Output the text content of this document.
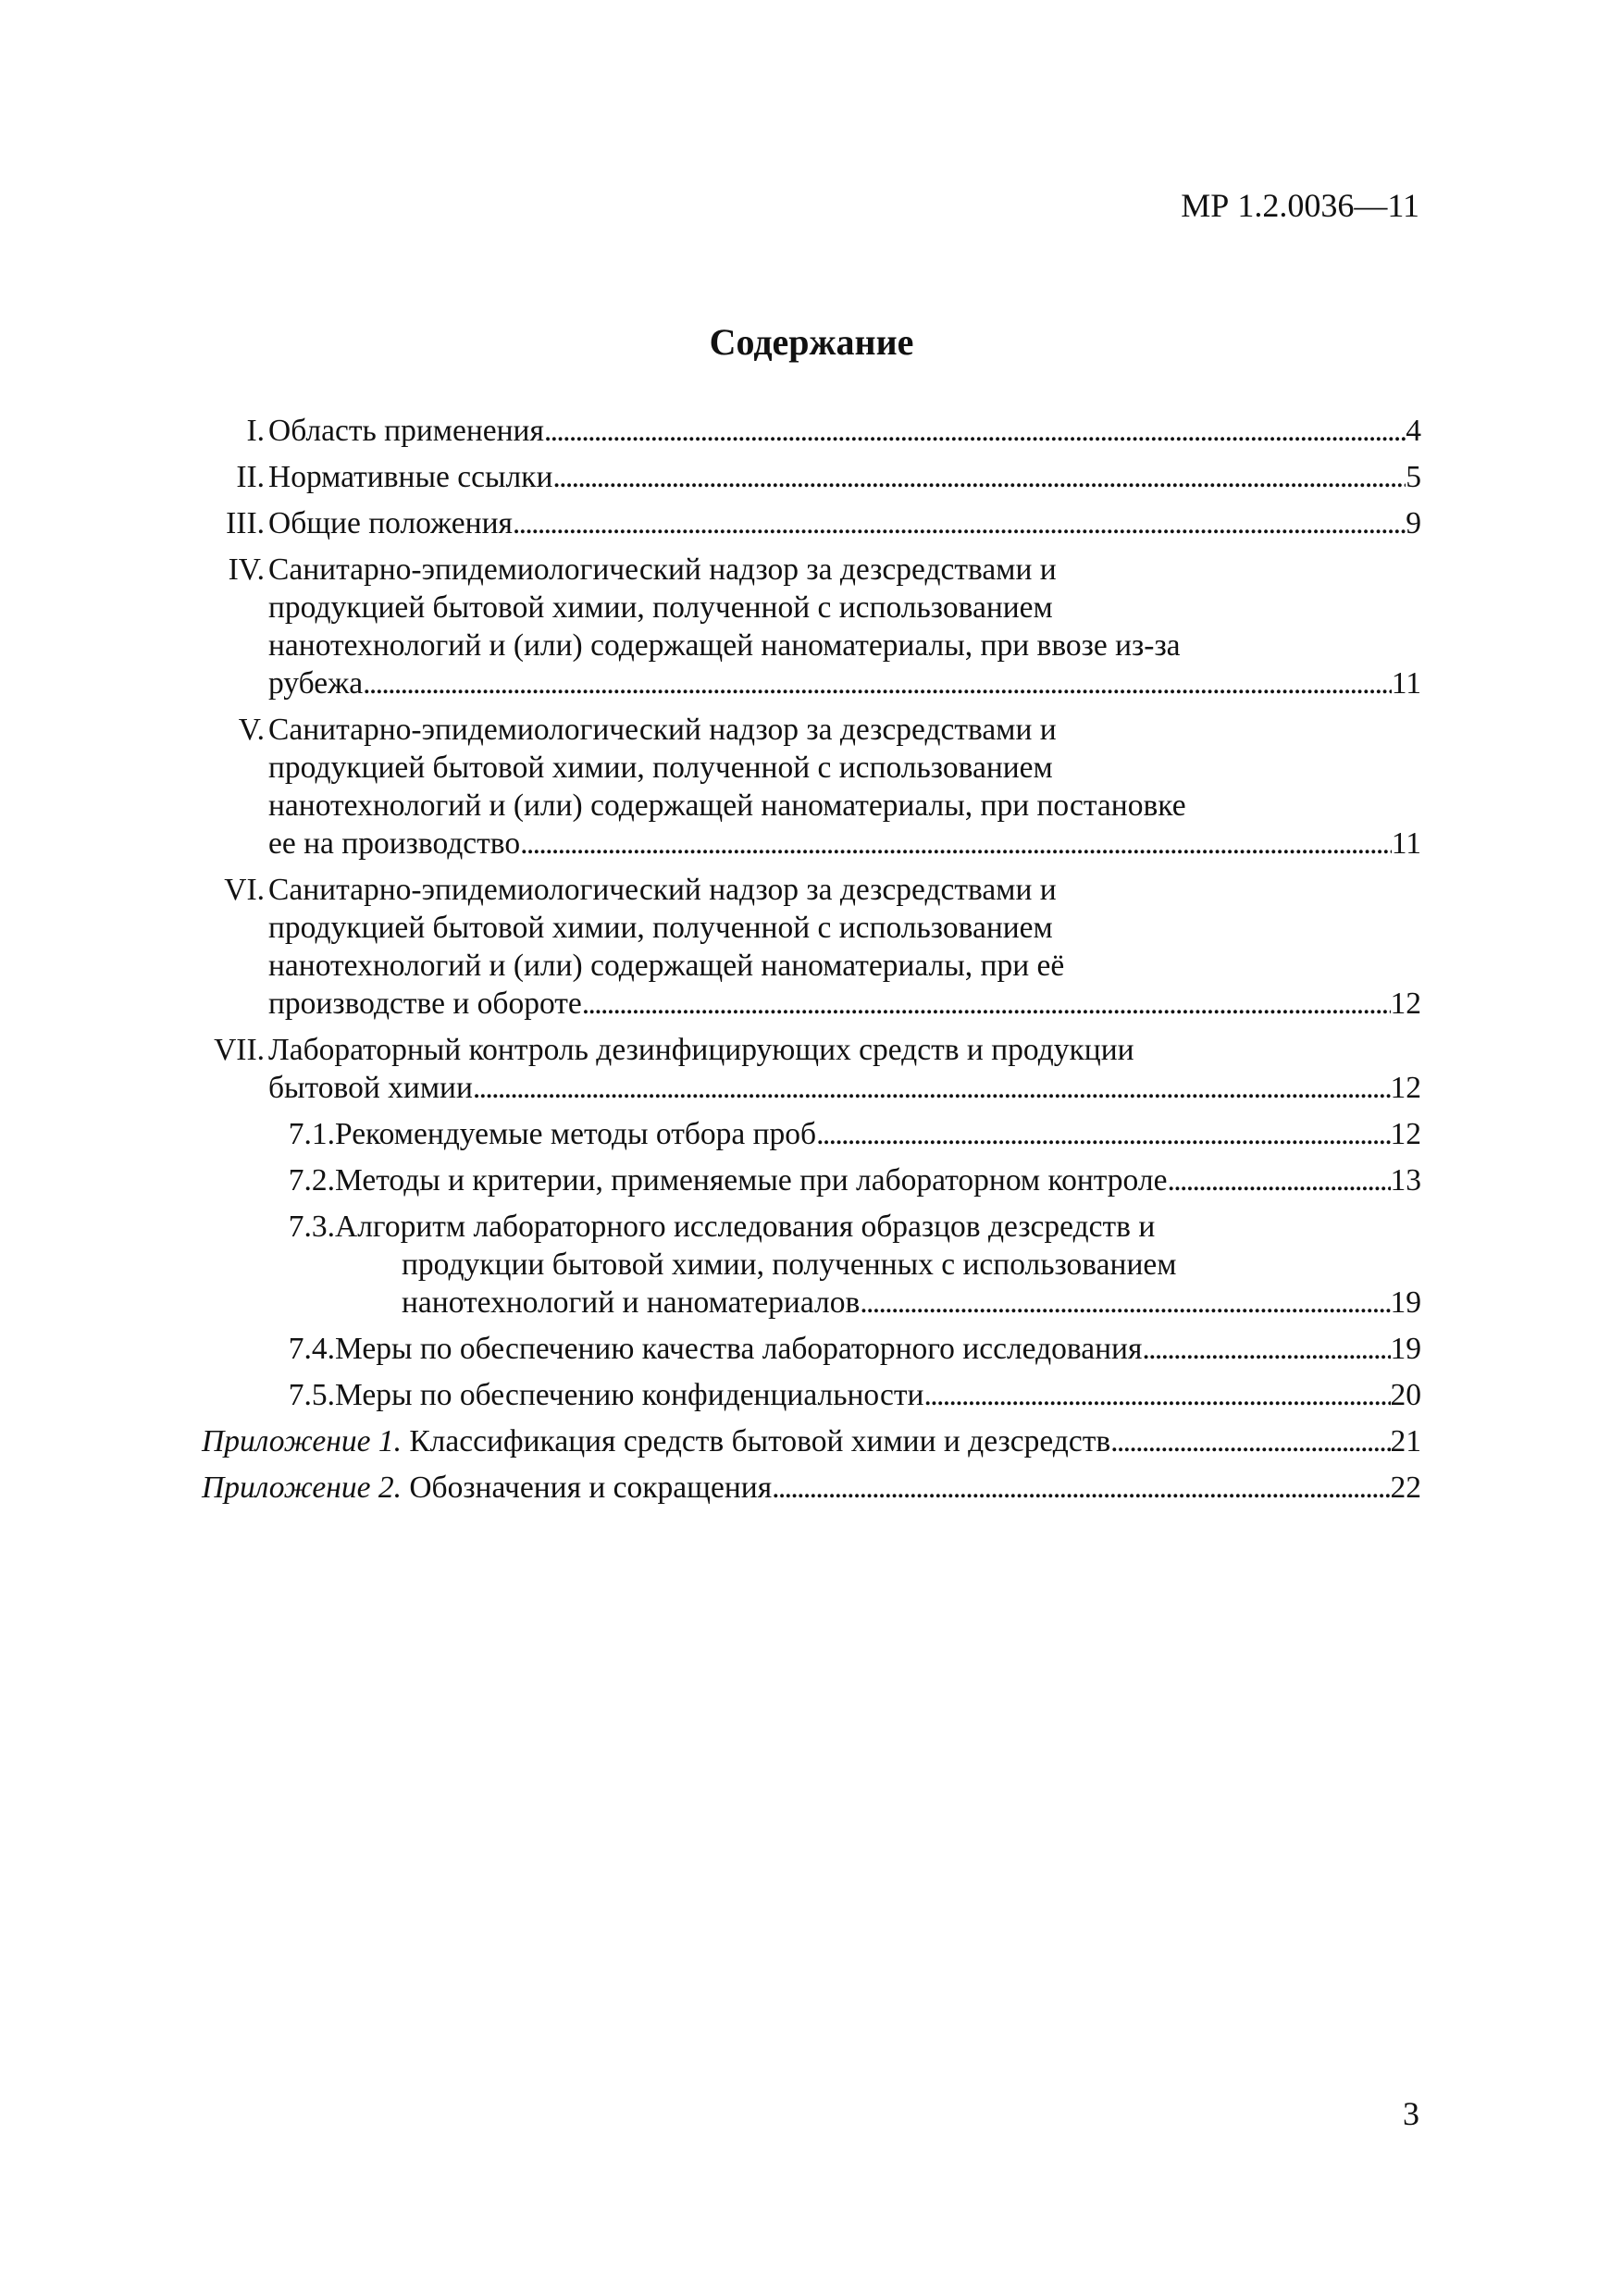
МР 1.2.0036—11
Содержание
I. Область применения . . .	4
II. Нормативные ссылки . . .	5
III. Общие положения . . .	9
IV. Санитарно-эпидемиологический надзор за дезсредствами и
продукцией бытовой химии, полученной с использованием
нанотехнологий и (или) содержащей наноматериалы, при ввозе из-за
рубежа . . .	11
V. Санитарно-эпидемиологический надзор за дезсредствами и
продукцией бытовой химии, полученной с использованием
нанотехнологий и (или) содержащей наноматериалы, при постановке
ее на производство . . .	11
VI. Санитарно-эпидемиологический надзор за дезсредствами и
продукцией бытовой химии, полученной с использованием
нанотехнологий и (или) содержащей наноматериалы, при её
производстве и обороте . . .	12
VII. Лабораторный контроль дезинфицирующих средств и продукции
бытовой химии . . .	12
7.1. Рекомендуемые методы отбора проб . . .	12
7.2. Методы и критерии, применяемые при лабораторном контроле . . .	13
7.3. Алгоритм лабораторного исследования образцов дезсредств и
продукции бытовой химии, полученных с использованием
нанотехнологий и наноматериалов . . .	19
7.4. Меры по обеспечению качества лабораторного исследования . . .	19
7.5. Меры по обеспечению конфиденциальности . . .	20
Приложение 1. Классификация средств бытовой химии и дезсредств . . .	21
Приложение 2. Обозначения и сокращения . . .	22
3
